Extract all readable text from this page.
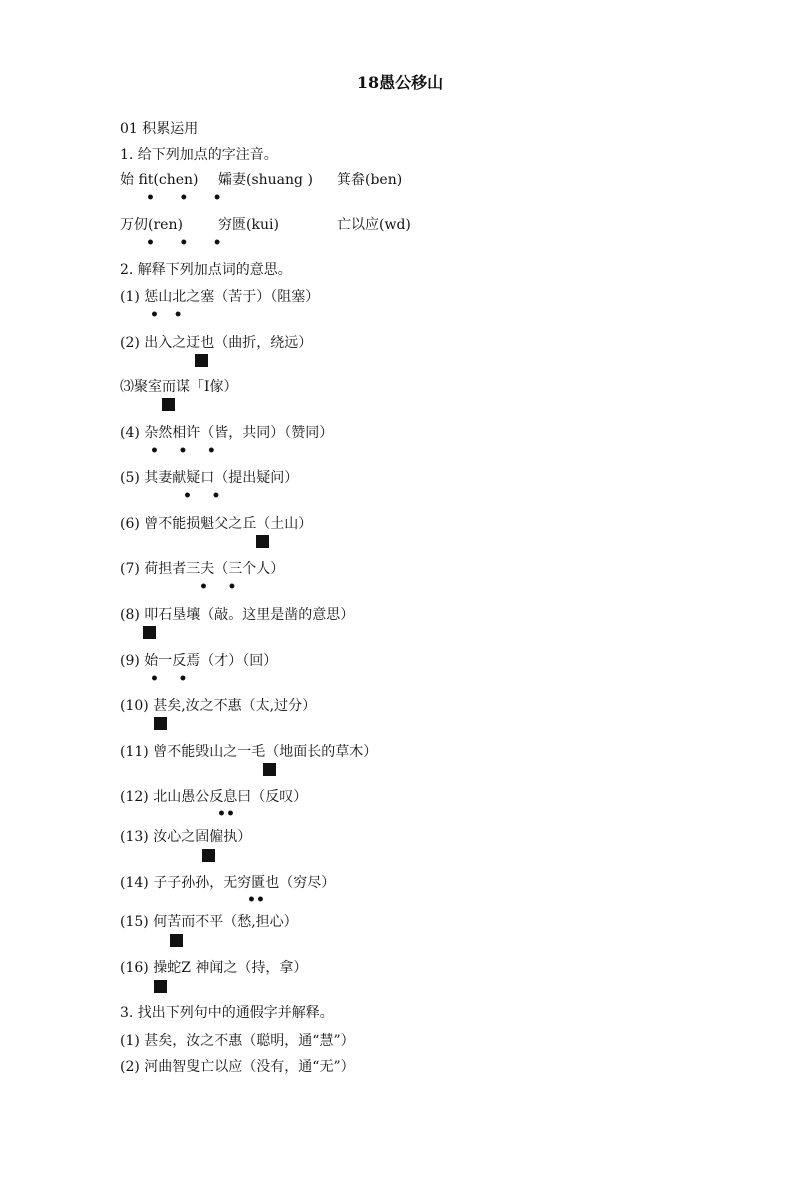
18愚公移山
01 积累运用
1. 给下列加点的字注音。
始 fit(chen) 孀妻(shuang ) 箕畚(ben)
•     •     •
万仞(ren)	穷匮(kui)	亡以应(wd)
•     •     •
2. 解释下列加点词的意思。
(1) 惩山北之塞（苦于）（阻塞）
•   •
(2) 出入之迂也（曲折，绕远）
⑶聚室而谋「I傢）
(4) 杂然相许（皆，共同）（赞同）
•    •    •
(5) 其妻献疑口（提出疑问）
•    •
(6) 曾不能损魁父之丘（土山）
(7) 荷担者三夫（三个人）
•    •
(8) 叩石垦壤（敲。这里是凿的意思）
(9) 始一反焉（才）（回）
•    •
(10) 甚矣,汝之不惠（太,过分）
(11) 曾不能毁山之一毛（地面长的草木）
(12) 北山愚公反息曰（反叹）
••
(13) 汝心之固僱执）
(14) 子子孙孙，无穷匱也（穷尽）
••
(15) 何苦而不平（愁,担心）
(16) 操蛇Z 神闻之（持，拿）
3. 找出下列句中的通假字并解释。
(1) 甚矣，汝之不惠（聪明，通“慧”）
(2) 河曲智叟亡以应（没有，通“无”）
